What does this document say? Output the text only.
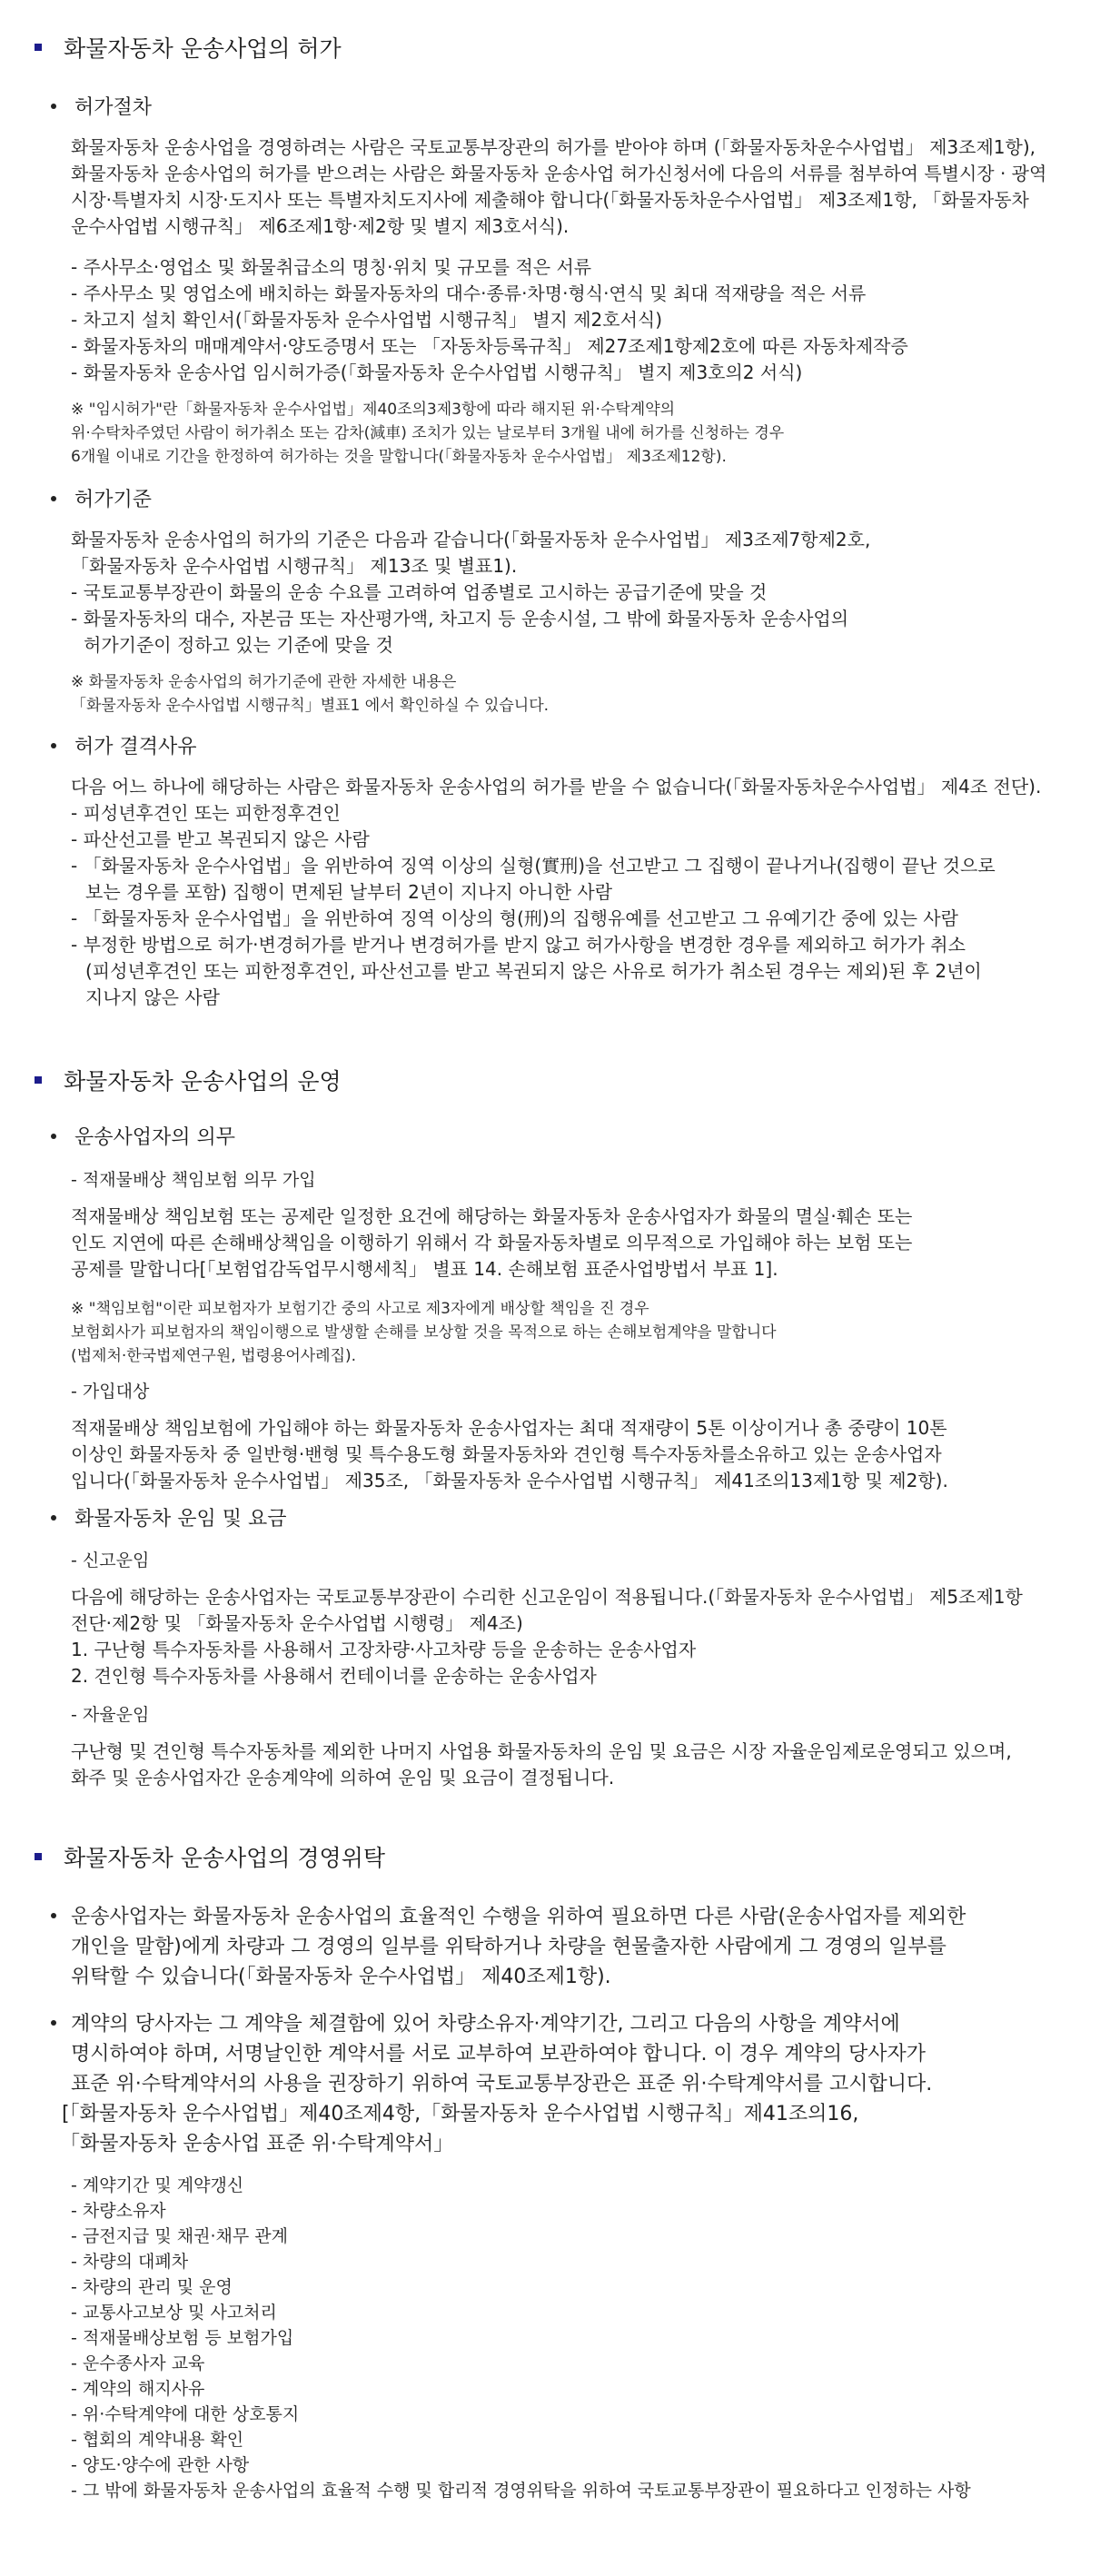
화물자동차 운송사업의 허가
허가절차
화물자동차 운송사업을 경영하려는 사람은 국토교통부장관의 허가를 받아야 하며 (「화물자동차운수사업법」 제3조제1항),
화물자동차 운송사업의 허가를 받으려는 사람은 화물자동차 운송사업 허가신청서에 다음의 서류를 첨부하여 특별시장 · 광역
시장·특별자치 시장·도지사 또는 특별자치도지사에 제출해야 합니다(「화물자동차운수사업법」 제3조제1항, 「화물자동차
운수사업법 시행규칙」 제6조제1항·제2항 및 별지 제3호서식).
- 주사무소·영업소 및 화물취급소의 명칭·위치 및 규모를 적은 서류
- 주사무소 및 영업소에 배치하는 화물자동차의 대수·종류·차명·형식·연식 및 최대 적재량을 적은 서류
- 차고지 설치 확인서(「화물자동차 운수사업법 시행규칙」 별지 제2호서식)
- 화물자동차의 매매계약서·양도증명서 또는 「자동차등록규칙」 제27조제1항제2호에 따른 자동차제작증
- 화물자동차 운송사업 임시허가증(「화물자동차 운수사업법 시행규칙」 별지 제3호의2 서식)
※ "임시허가"란「화물자동차 운수사업법」제40조의3제3항에 따라 해지된 위·수탁계약의
위·수탁차주였던 사람이 허가취소 또는 감차(減車) 조치가 있는 날로부터 3개월 내에 허가를 신청하는 경우
6개월 이내로 기간을 한정하여 허가하는 것을 말합니다(「화물자동차 운수사업법」 제3조제12항).
허가기준
화물자동차 운송사업의 허가의 기준은 다음과 같습니다(「화물자동차 운수사업법」 제3조제7항제2호,
「화물자동차 운수사업법 시행규칙」 제13조 및 별표1).
- 국토교통부장관이 화물의 운송 수요를 고려하여 업종별로 고시하는 공급기준에 맞을 것
- 화물자동차의 대수, 자본금 또는 자산평가액, 차고지 등 운송시설, 그 밖에 화물자동차 운송사업의
허가기준이 정하고 있는 기준에 맞을 것
※ 화물자동차 운송사업의 허가기준에 관한 자세한 내용은
「화물자동차 운수사업법 시행규칙」별표1 에서 확인하실 수 있습니다.
허가 결격사유
다음 어느 하나에 해당하는 사람은 화물자동차 운송사업의 허가를 받을 수 없습니다(「화물자동차운수사업법」 제4조 전단).
- 피성년후견인 또는 피한정후견인
- 파산선고를 받고 복권되지 않은 사람
- 「화물자동차 운수사업법」을 위반하여 징역 이상의 실형(實刑)을 선고받고 그 집행이 끝나거나(집행이 끝난 것으로
보는 경우를 포함) 집행이 면제된 날부터 2년이 지나지 아니한 사람
- 「화물자동차 운수사업법」을 위반하여 징역 이상의 형(刑)의 집행유예를 선고받고 그 유예기간 중에 있는 사람
- 부정한 방법으로 허가·변경허가를 받거나 변경허가를 받지 않고 허가사항을 변경한 경우를 제외하고 허가가 취소
(피성년후견인 또는 피한정후견인, 파산선고를 받고 복권되지 않은 사유로 허가가 취소된 경우는 제외)된 후 2년이
지나지 않은 사람
화물자동차 운송사업의 운영
운송사업자의 의무
- 적재물배상 책임보험 의무 가입
적재물배상 책임보험 또는 공제란 일정한 요건에 해당하는 화물자동차 운송사업자가 화물의 멸실·훼손 또는
인도 지연에 따른 손해배상책임을 이행하기 위해서 각 화물자동차별로 의무적으로 가입해야 하는 보험 또는
공제를 말합니다[「보험업감독업무시행세칙」 별표 14. 손해보험 표준사업방법서 부표 1].
※ "책임보험"이란 피보험자가 보험기간 중의 사고로 제3자에게 배상할 책임을 진 경우
보험회사가 피보험자의 책임이행으로 발생할 손해를 보상할 것을 목적으로 하는 손해보험계약을 말합니다
(법제처·한국법제연구원, 법령용어사례집).
- 가입대상
적재물배상 책임보험에 가입해야 하는 화물자동차 운송사업자는 최대 적재량이 5톤 이상이거나 총 중량이 10톤
이상인 화물자동차 중 일반형·밴형 및 특수용도형 화물자동차와 견인형 특수자동차를소유하고 있는 운송사업자
입니다(「화물자동차 운수사업법」 제35조, 「화물자동차 운수사업법 시행규칙」 제41조의13제1항 및 제2항).
화물자동차 운임 및 요금
- 신고운임
다음에 해당하는 운송사업자는 국토교통부장관이 수리한 신고운임이 적용됩니다.(「화물자동차 운수사업법」 제5조제1항
전단·제2항 및 「화물자동차 운수사업법 시행령」 제4조)
1. 구난형 특수자동차를 사용해서 고장차량·사고차량 등을 운송하는 운송사업자
2. 견인형 특수자동차를 사용해서 컨테이너를 운송하는 운송사업자
- 자율운임
구난형 및 견인형 특수자동차를 제외한 나머지 사업용 화물자동차의 운임 및 요금은 시장 자율운임제로운영되고 있으며,
화주 및 운송사업자간 운송계약에 의하여 운임 및 요금이 결정됩니다.
화물자동차 운송사업의 경영위탁
운송사업자는 화물자동차 운송사업의 효율적인 수행을 위하여 필요하면 다른 사람(운송사업자를 제외한
개인을 말함)에게 차량과 그 경영의 일부를 위탁하거나 차량을 현물출자한 사람에게 그 경영의 일부를
위탁할 수 있습니다(「화물자동차 운수사업법」 제40조제1항).
계약의 당사자는 그 계약을 체결함에 있어 차량소유자·계약기간, 그리고 다음의 사항을 계약서에
명시하여야 하며, 서명날인한 계약서를 서로 교부하여 보관하여야 합니다. 이 경우 계약의 당사자가
표준 위·수탁계약서의 사용을 권장하기 위하여 국토교통부장관은 표준 위·수탁계약서를 고시합니다.
[「화물자동차 운수사업법」제40조제4항,「화물자동차 운수사업법 시행규칙」제41조의16,
「화물자동차 운송사업 표준 위·수탁계약서」
- 계약기간 및 계약갱신
- 차량소유자
- 금전지급 및 채권·채무 관계
- 차량의 대폐차
- 차량의 관리 및 운영
- 교통사고보상 및 사고처리
- 적재물배상보험 등 보험가입
- 운수종사자 교육
- 계약의 해지사유
- 위·수탁계약에 대한 상호통지
- 협회의 계약내용 확인
- 양도·양수에 관한 사항
- 그 밖에 화물자동차 운송사업의 효율적 수행 및 합리적 경영위탁을 위하여 국토교통부장관이 필요하다고 인정하는 사항
